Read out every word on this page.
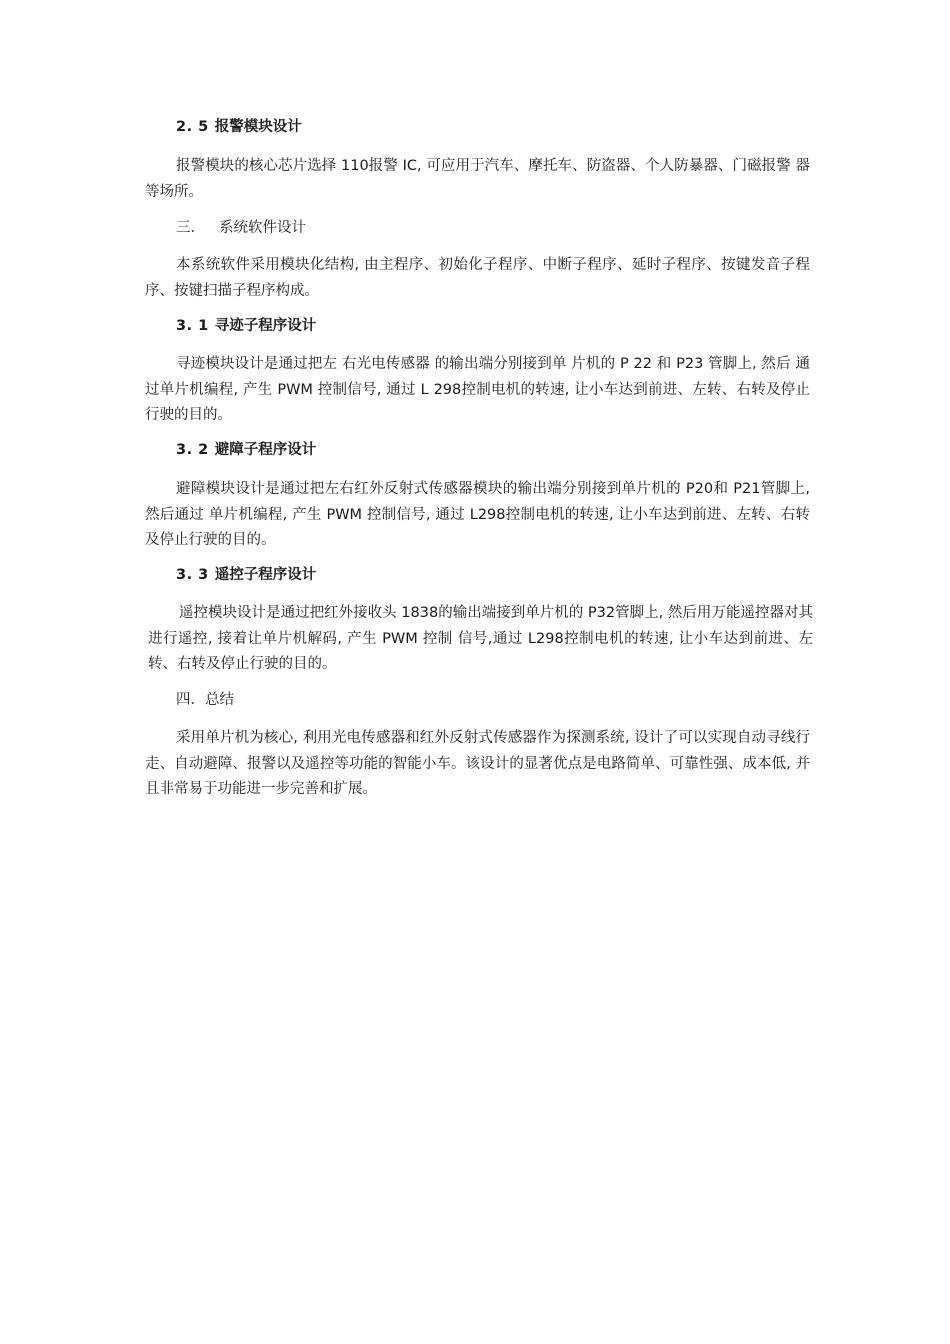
2. 5 报警模块设计

报警模块的核心芯片选择 110报警 IC, 可应用于汽车、摩托车、防盗器、个人防暴器、门磁报警 器等场所。

三． 系统软件设计

本系统软件采用模块化结构, 由主程序、初始化子程序、中断子程序、延时子程序、按键发音子程序、按键扫描子程序构成。

3. 1 寻迹子程序设计

寻迹模块设计是通过把左 右光电传感器 的输出端分别接到单 片机的 P 22 和 P23 管脚上, 然后 通过单片机编程, 产生 PWM 控制信号, 通过 L 298控制电机的转速, 让小车达到前进、左转、右转及停止行驶的目的。

3. 2 避障子程序设计

避障模块设计是通过把左右红外反射式传感器模块的输出端分别接到单片机的 P20和 P21管脚上, 然后通过 单片机编程, 产生 PWM 控制信号, 通过 L298控制电机的转速, 让小车达到前进、左转、右转及停止行驶的目的。

3. 3 遥控子程序设计

遥控模块设计是通过把红外接收头 1838的输出端接到单片机的 P32管脚上, 然后用万能遥控器对其进行遥控, 接着让单片机解码, 产生 PWM 控制 信号,通过 L298控制电机的转速, 让小车达到前进、左转、右转及停止行驶的目的。

四．总结

采用单片机为核心, 利用光电传感器和红外反射式传感器作为探测系统, 设计了可以实现自动寻线行走、自动避障、报警以及遥控等功能的智能小车。该设计的显著优点是电路简单、可靠性强、成本低, 并且非常易于功能进一步完善和扩展。
